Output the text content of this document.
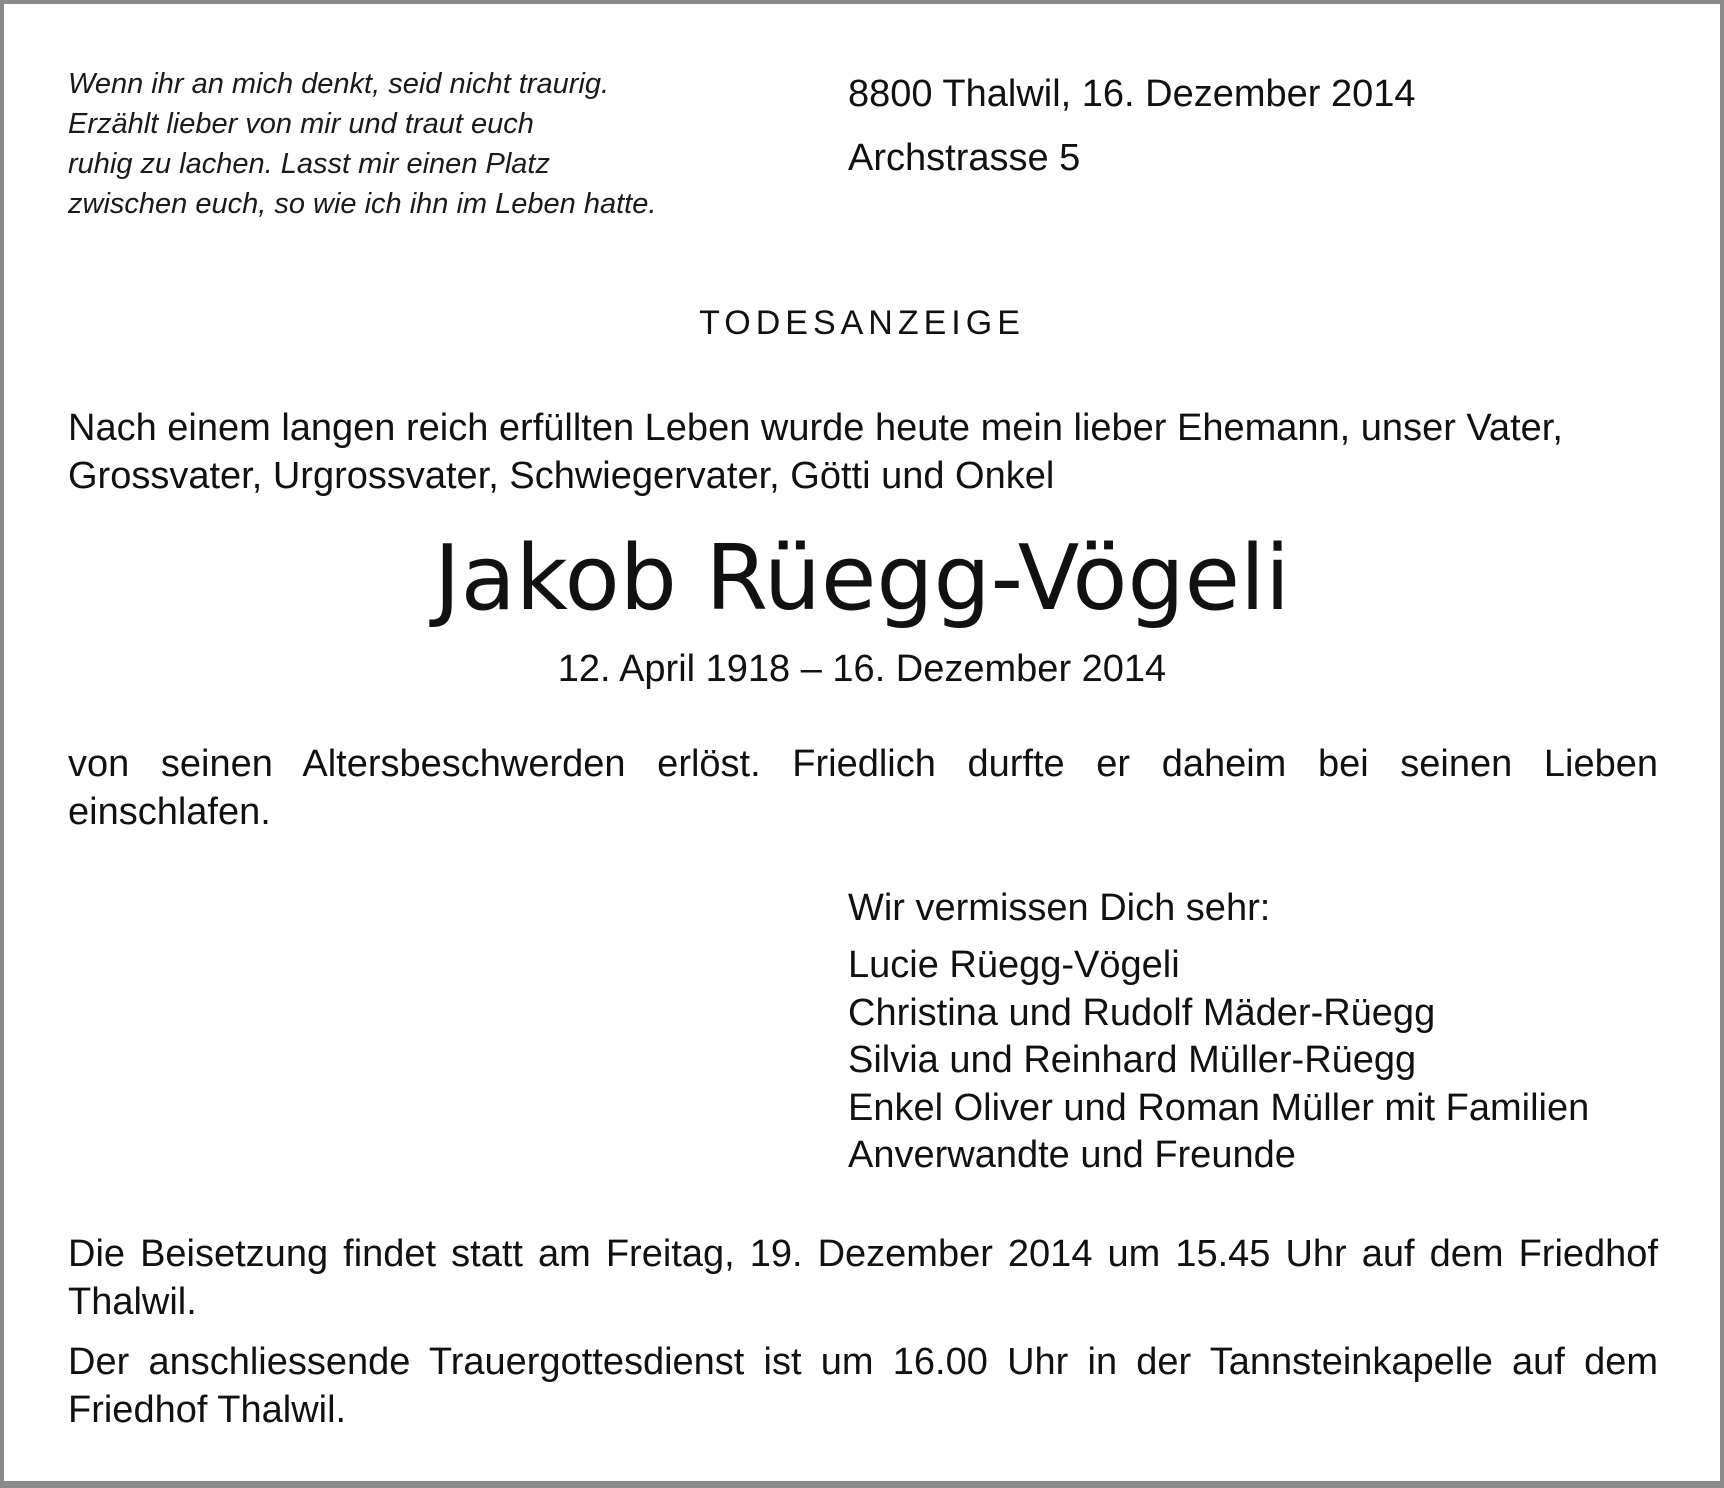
Wenn ihr an mich denkt, seid nicht traurig.
Erzählt lieber von mir und traut euch
ruhig zu lachen. Lasst mir einen Platz
zwischen euch, so wie ich ihn im Leben hatte.
8800 Thalwil, 16. Dezember 2014
Archstrasse 5
TODESANZEIGE
Nach einem langen reich erfüllten Leben wurde heute mein lieber Ehemann, unser Vater,
Grossvater, Urgrossvater, Schwiegervater, Götti und Onkel
Jakob Rüegg-Vögeli
12. April 1918 – 16. Dezember 2014

von seinen Altersbeschwerden erlöst. Friedlich durfte er daheim bei seinen Lieben einschlafen.

Wir vermissen Dich sehr:
Lucie Rüegg-Vögeli
Christina und Rudolf Mäder-Rüegg
Silvia und Reinhard Müller-Rüegg
Enkel Oliver und Roman Müller mit Familien
Anverwandte und Freunde

Die Beisetzung findet statt am Freitag, 19. Dezember 2014 um 15.45 Uhr auf dem Friedhof Thalwil.

Der anschliessende Trauergottesdienst ist um 16.00 Uhr in der Tannsteinkapelle auf dem Friedhof Thalwil.
